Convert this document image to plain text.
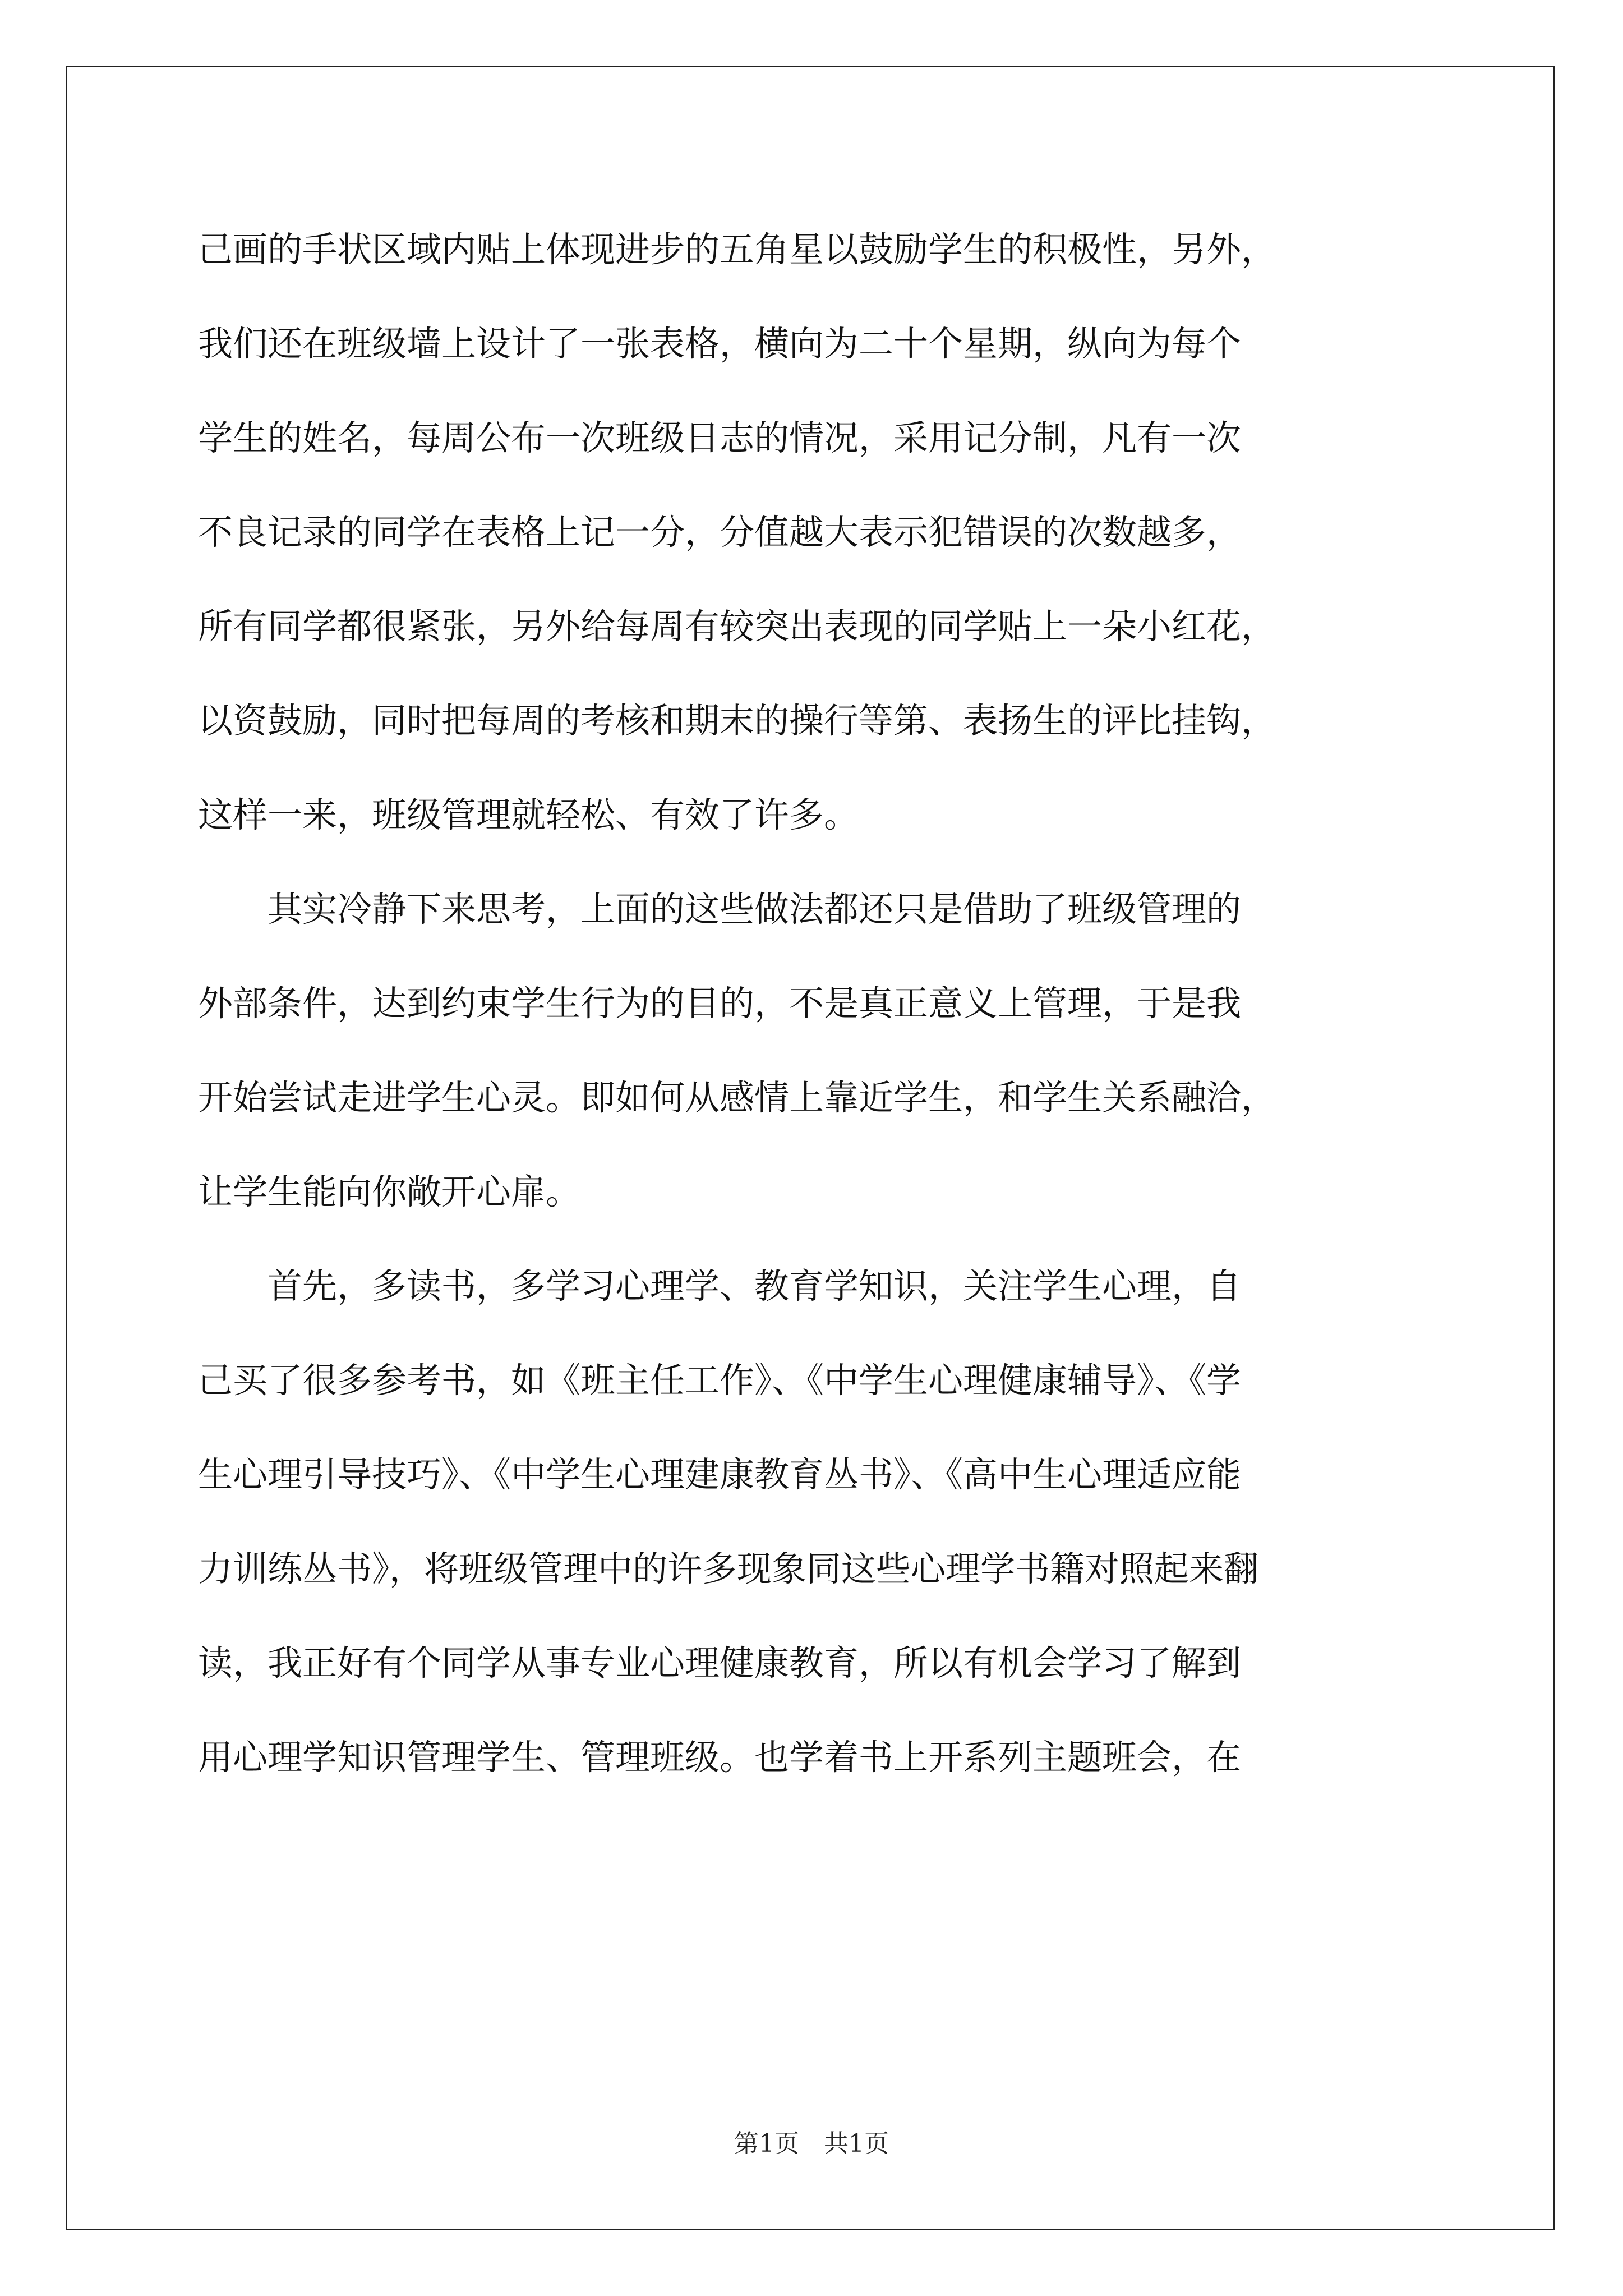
己画的手状区域内贴上体现进步的五角星以鼓励学生的积极性，另外，
我们还在班级墙上设计了一张表格，横向为二十个星期，纵向为每个
学生的姓名，每周公布一次班级日志的情况，采用记分制，凡有一次
不良记录的同学在表格上记一分，分值越大表示犯错误的次数越多，
所有同学都很紧张，另外给每周有较突出表现的同学贴上一朵小红花，
以资鼓励，同时把每周的考核和期末的操行等第、表扬生的评比挂钩，
这样一来，班级管理就轻松、有效了许多。
　　其实冷静下来思考，上面的这些做法都还只是借助了班级管理的
外部条件，达到约束学生行为的目的，不是真正意义上管理，于是我
开始尝试走进学生心灵。即如何从感情上靠近学生，和学生关系融洽，
让学生能向你敞开心扉。
　　首先，多读书，多学习心理学、教育学知识，关注学生心理，自
己买了很多参考书，如《班主任工作》、《中学生心理健康辅导》、《学
生心理引导技巧》、《中学生心理建康教育丛书》、《高中生心理适应能
力训练丛书》，将班级管理中的许多现象同这些心理学书籍对照起来翻
读，我正好有个同学从事专业心理健康教育，所以有机会学习了解到
用心理学知识管理学生、管理班级。也学着书上开系列主题班会，在
第1页 共1页
